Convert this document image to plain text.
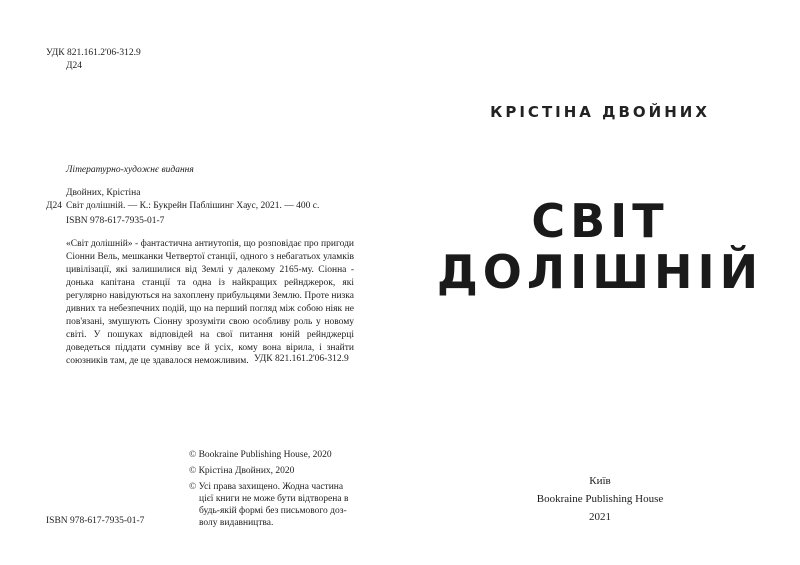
УДК 821.161.2'06-312.9
Д24
Літературно-художнє видання
Двойних, Крістіна
Д24 Світ долішній. — К.: Букрейн Паблішинг Хаус, 2021. — 400 с.
ISBN 978-617-7935-01-7

«Світ долішній» - фантастична антиутопія, що розповідає про пригоди Сіонни Вель, мешканки Четвертої станції, одного з небагатьох уламків цивілізації, які залишилися від Землі у далекому 2165-му. Сіонна - донька капітана станції та одна із найкращих рейнджерок, які регулярно навідуються на захоплену прибульцями Землю. Проте низка дивних та небезпечних подій, що на перший погляд між собою ніяк не пов'язані, змушують Сіонну зрозуміти свою особливу роль у новому світі. У пошуках відповідей на свої питання юній рейнджерці доведеться піддати сумніву все й усіх, кому вона вірила, і знайти союзників там, де це здавалося неможливим. УДК 821.161.2'06-312.9
© Bookraine Publishing House, 2020
© Крістіна Двойних, 2020
© Усі права захищено. Жодна частина
цієї книги не може бути відтворена в
будь-якій формі без письмового доз-
волу видавництва.
ISBN 978-617-7935-01-7
КРІСТІНА ДВОЙНИХ
СВІТ
ДОЛІШНІЙ
Київ
Bookraine Publishing House
2021
